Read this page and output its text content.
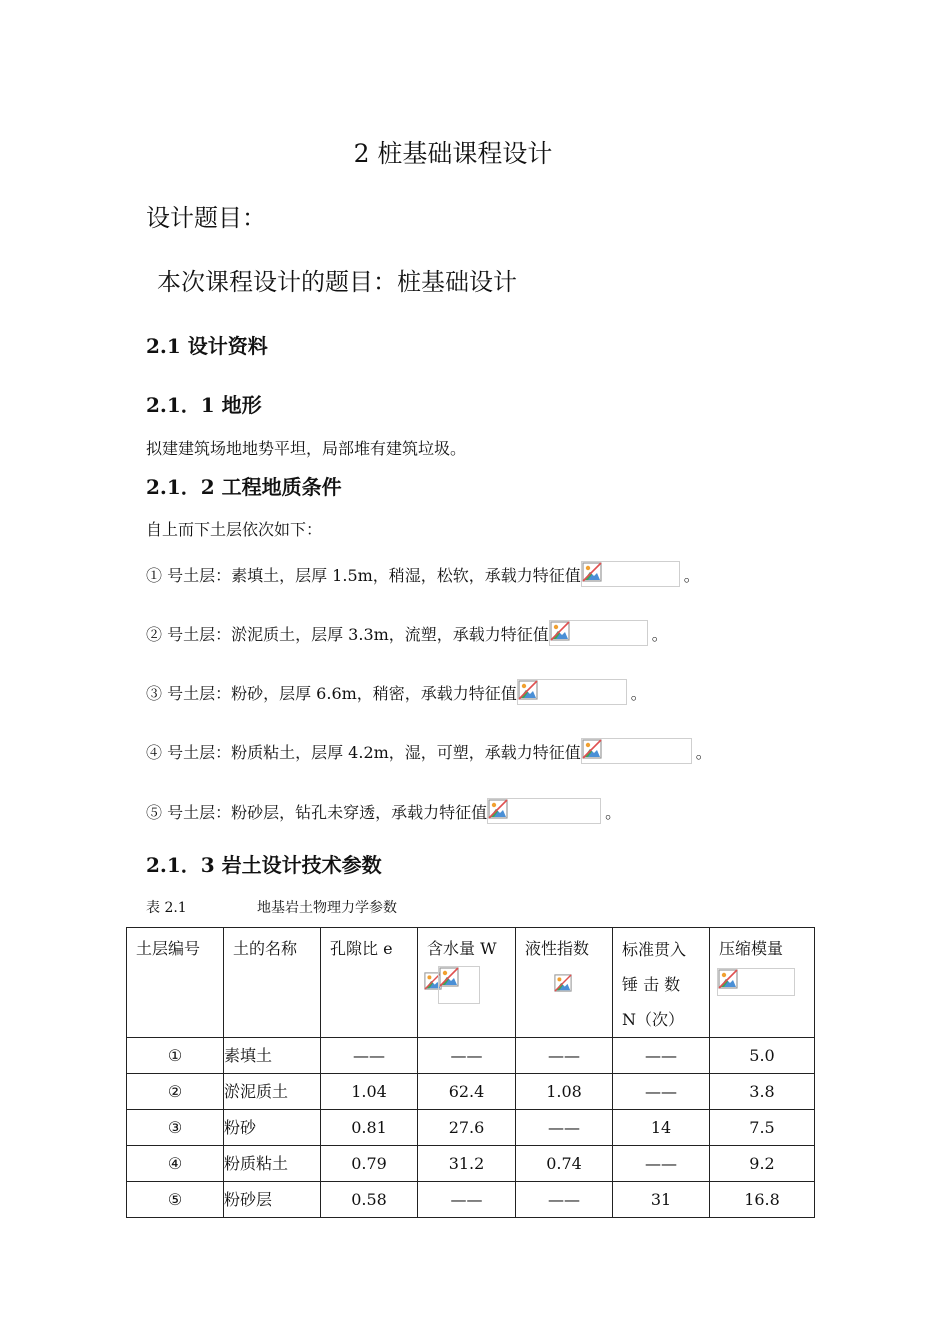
2 桩基础课程设计
设计题目：
本次课程设计的题目：桩基础设计
2.1 设计资料
2.1．1 地形
拟建建筑场地地势平坦，局部堆有建筑垃圾。
2.1．2 工程地质条件
自上而下土层依次如下：
① 号土层：素填土，层厚 1.5m，稍湿，松软，承载力特征值	。
② 号土层：淤泥质土，层厚 3.3m，流塑，承载力特征值	。
③ 号土层：粉砂，层厚 6.6m，稍密，承载力特征值	。
④ 号土层：粉质粘土，层厚 4.2m，湿，可塑，承载力特征值	。
⑤ 号土层：粉砂层，钻孔未穿透，承载力特征值	。
2.1．3 岩土设计技术参数
表 2.1	地基岩土物理力学参数
土层编号	土的名称	孔隙比 e	含水量 W	液性指数	标准贯入
锤 击 数
N（次）	压缩模量

①	素填土	——	——	——	——	5.0
②	淤泥质土	1.04	62.4	1.08	——	3.8
③	粉砂	0.81	27.6	——	14	7.5
④	粉质粘土	0.79	31.2	0.74	——	9.2
⑤	粉砂层	0.58	——	——	31	16.8
